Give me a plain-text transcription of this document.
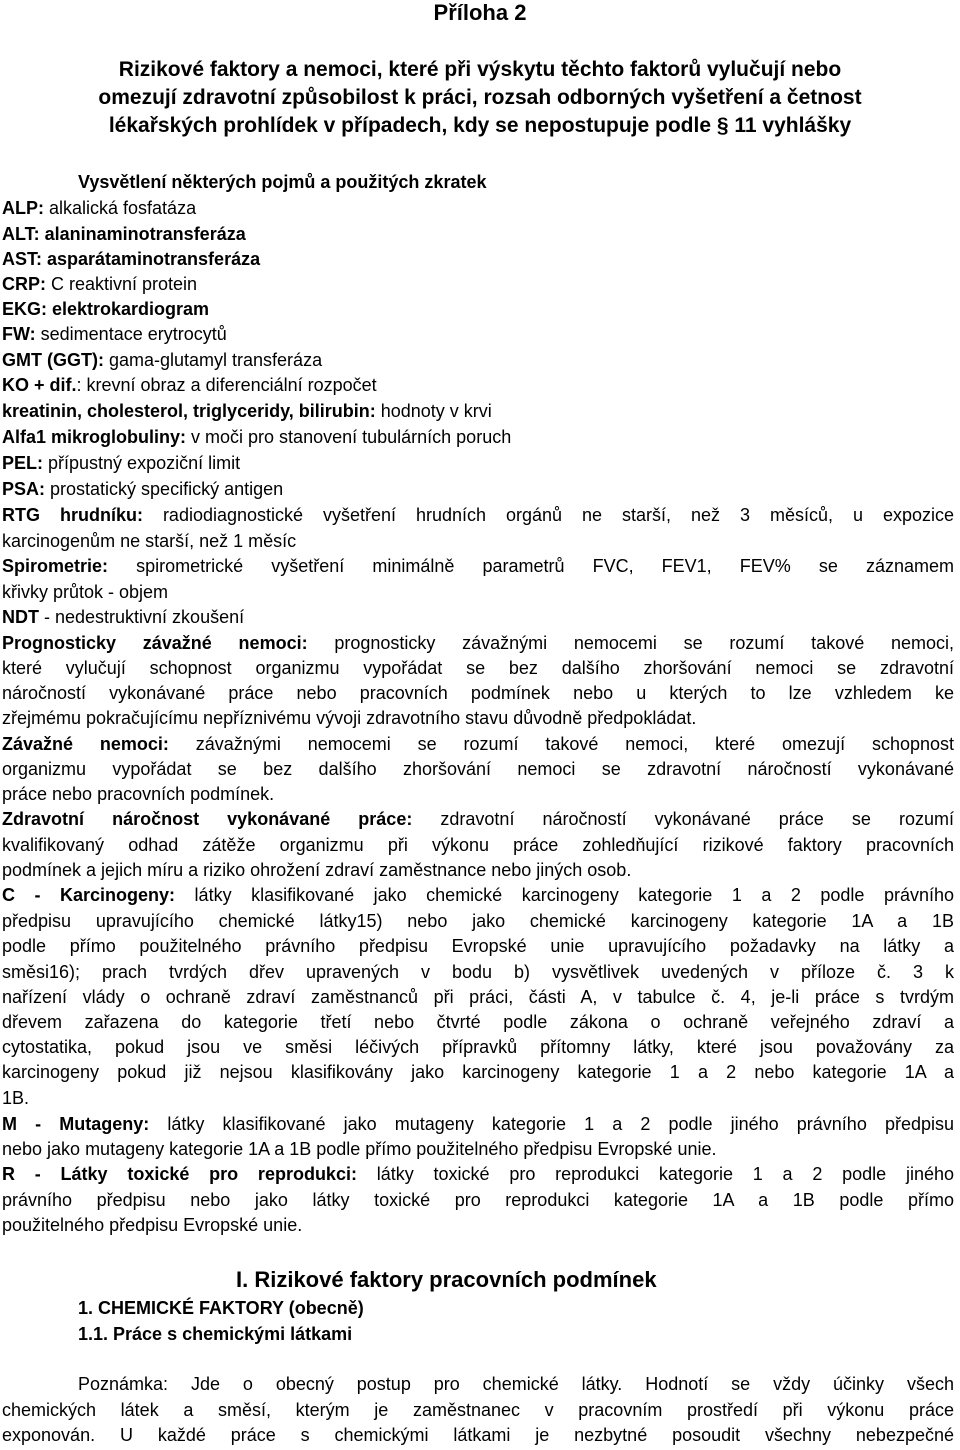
Příloha 2
Rizikové faktory a nemoci, které při výskytu těchto faktorů vylučují nebo
omezují zdravotní způsobilost k práci, rozsah odborných vyšetření a četnost
lékařských prohlídek v případech, kdy se nepostupuje podle § 11 vyhlášky
Vysvětlení některých pojmů a použitých zkratek
ALP: alkalická fosfatáza
ALT: alaninaminotransferáza
AST: asparátaminotransferáza
CRP: C reaktivní protein
EKG: elektrokardiogram
FW: sedimentace erytrocytů
GMT (GGT): gama-glutamyl transferáza
KO + dif.: krevní obraz a diferenciální rozpočet
kreatinin, cholesterol, triglyceridy, bilirubin: hodnoty v krvi
Alfa1 mikroglobuliny: v moči pro stanovení tubulárních poruch
PEL: přípustný expoziční limit
PSA: prostatický specifický antigen
RTG hrudníku: radiodiagnostické vyšetření hrudních orgánů ne starší, než 3 měsíců, u expozice
karcinogenům ne starší, než 1 měsíc
Spirometrie: spirometrické vyšetření minimálně parametrů FVC, FEV1, FEV% se záznamem
křivky průtok - objem
NDT - nedestruktivní zkoušení
Prognosticky závažné nemoci: prognosticky závažnými nemocemi se rozumí takové nemoci,
které vylučují schopnost organizmu vypořádat se bez dalšího zhoršování nemoci se zdravotní
náročností vykonávané práce nebo pracovních podmínek nebo u kterých to lze vzhledem ke
zřejmému pokračujícímu nepříznivému vývoji zdravotního stavu důvodně předpokládat.
Závažné nemoci: závažnými nemocemi se rozumí takové nemoci, které omezují schopnost
organizmu vypořádat se bez dalšího zhoršování nemoci se zdravotní náročností vykonávané
práce nebo pracovních podmínek.
Zdravotní náročnost vykonávané práce: zdravotní náročností vykonávané práce se rozumí
kvalifikovaný odhad zátěže organizmu při výkonu práce zohledňující rizikové faktory pracovních
podmínek a jejich míru a riziko ohrožení zdraví zaměstnance nebo jiných osob.
C - Karcinogeny: látky klasifikované jako chemické karcinogeny kategorie 1 a 2 podle právního
předpisu upravujícího chemické látky15) nebo jako chemické karcinogeny kategorie 1A a 1B
podle přímo použitelného právního předpisu Evropské unie upravujícího požadavky na látky a
směsi16); prach tvrdých dřev upravených v bodu b) vysvětlivek uvedených v příloze č. 3 k
nařízení vlády o ochraně zdraví zaměstnanců při práci, části A, v tabulce č. 4, je-li práce s tvrdým
dřevem zařazena do kategorie třetí nebo čtvrté podle zákona o ochraně veřejného zdraví a
cytostatika, pokud jsou ve směsi léčivých přípravků přítomny látky, které jsou považovány za
karcinogeny pokud již nejsou klasifikovány jako karcinogeny kategorie 1 a 2 nebo kategorie 1A a
1B.
M - Mutageny: látky klasifikované jako mutageny kategorie 1 a 2 podle jiného právního předpisu
nebo jako mutageny kategorie 1A a 1B podle přímo použitelného předpisu Evropské unie.
R - Látky toxické pro reprodukci: látky toxické pro reprodukci kategorie 1 a 2 podle jiného
právního předpisu nebo jako látky toxické pro reprodukci kategorie 1A a 1B podle přímo
použitelného předpisu Evropské unie.
I. Rizikové faktory pracovních podmínek
1. CHEMICKÉ FAKTORY (obecně)
1.1. Práce s chemickými látkami
Poznámka: Jde o obecný postup pro chemické látky. Hodnotí se vždy účinky všech
chemických látek a směsí, kterým je zaměstnanec v pracovním prostředí při výkonu práce
exponován. U každé práce s chemickými látkami je nezbytné posoudit všechny nebezpečné
